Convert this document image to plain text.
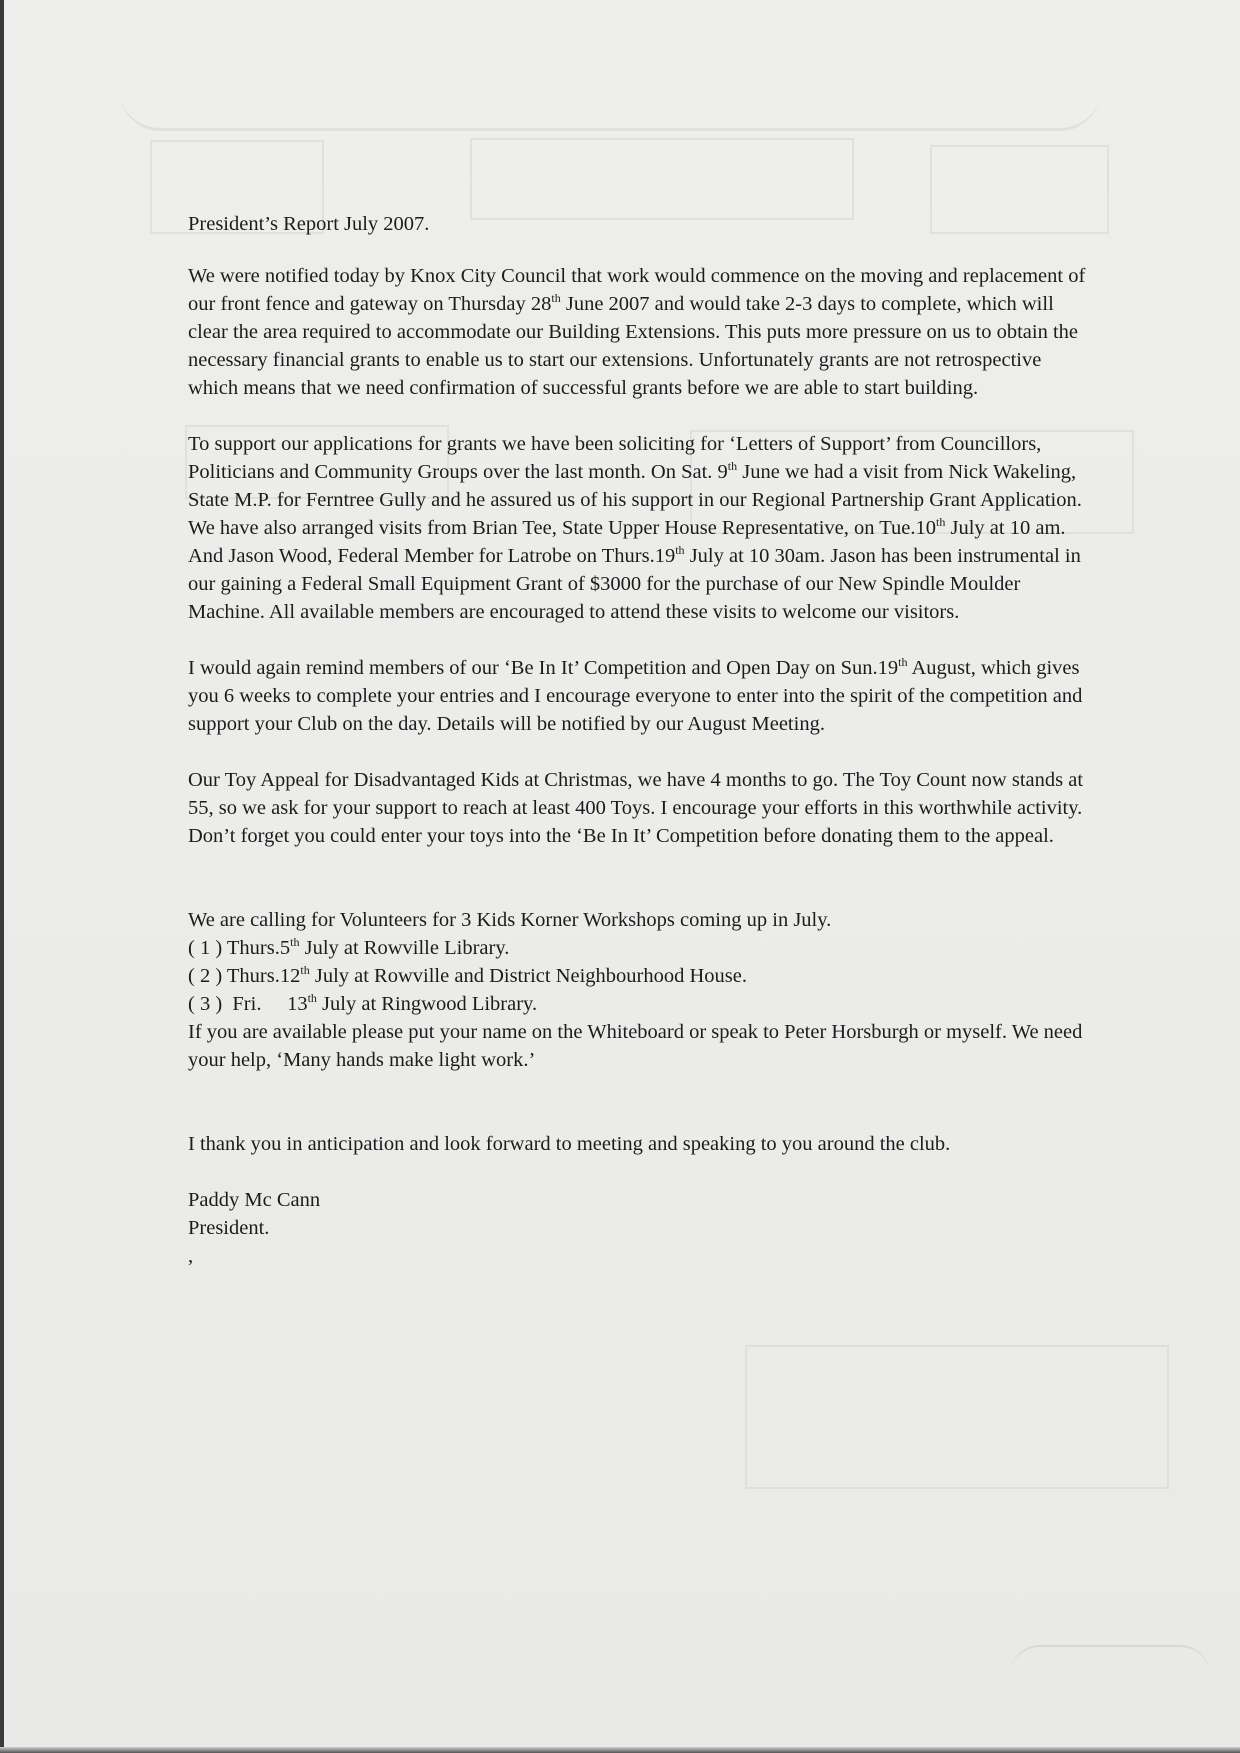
President’s Report July 2007.

We were notified today by Knox City Council that work would commence on the moving and replacement of our front fence and gateway on Thursday 28th June 2007 and would take 2-3 days to complete, which will clear the area required to accommodate our Building Extensions. This puts more pressure on us to obtain the necessary financial grants to enable us to start our extensions. Unfortunately grants are not retrospective which means that we need confirmation of successful grants before we are able to start building.

To support our applications for grants we have been soliciting for ‘Letters of Support’ from Councillors, Politicians and Community Groups over the last month. On Sat. 9th June we had a visit from Nick Wakeling, State M.P. for Ferntree Gully and he assured us of his support in our Regional Partnership Grant Application. We have also arranged visits from Brian Tee, State Upper House Representative, on Tue.10th July at 10 am. And Jason Wood, Federal Member for Latrobe on Thurs.19th July at 10 30am. Jason has been instrumental in our gaining a Federal Small Equipment Grant of $3000 for the purchase of our New Spindle Moulder Machine. All available members are encouraged to attend these visits to welcome our visitors.

I would again remind members of our ‘Be In It’ Competition and Open Day on Sun.19th August, which gives you 6 weeks to complete your entries and I encourage everyone to enter into the spirit of the competition and support your Club on the day. Details will be notified by our August Meeting.

Our Toy Appeal for Disadvantaged Kids at Christmas, we have 4 months to go. The Toy Count now stands at 55, so we ask for your support to reach at least 400 Toys. I encourage your efforts in this worthwhile activity. Don’t forget you could enter your toys into the ‘Be In It’ Competition before donating them to the appeal.

We are calling for Volunteers for 3 Kids Korner Workshops coming up in July.

( 1 ) Thurs.5th July at Rowville Library.

( 2 ) Thurs.12th July at Rowville and District Neighbourhood House.

( 3 )  Fri.     13th July at Ringwood Library.

If you are available please put your name on the Whiteboard or speak to Peter Horsburgh or myself. We need your help, ‘Many hands make light work.’

I thank you in anticipation and look forward to meeting and speaking to you around the club.

Paddy Mc Cann

President.

,
